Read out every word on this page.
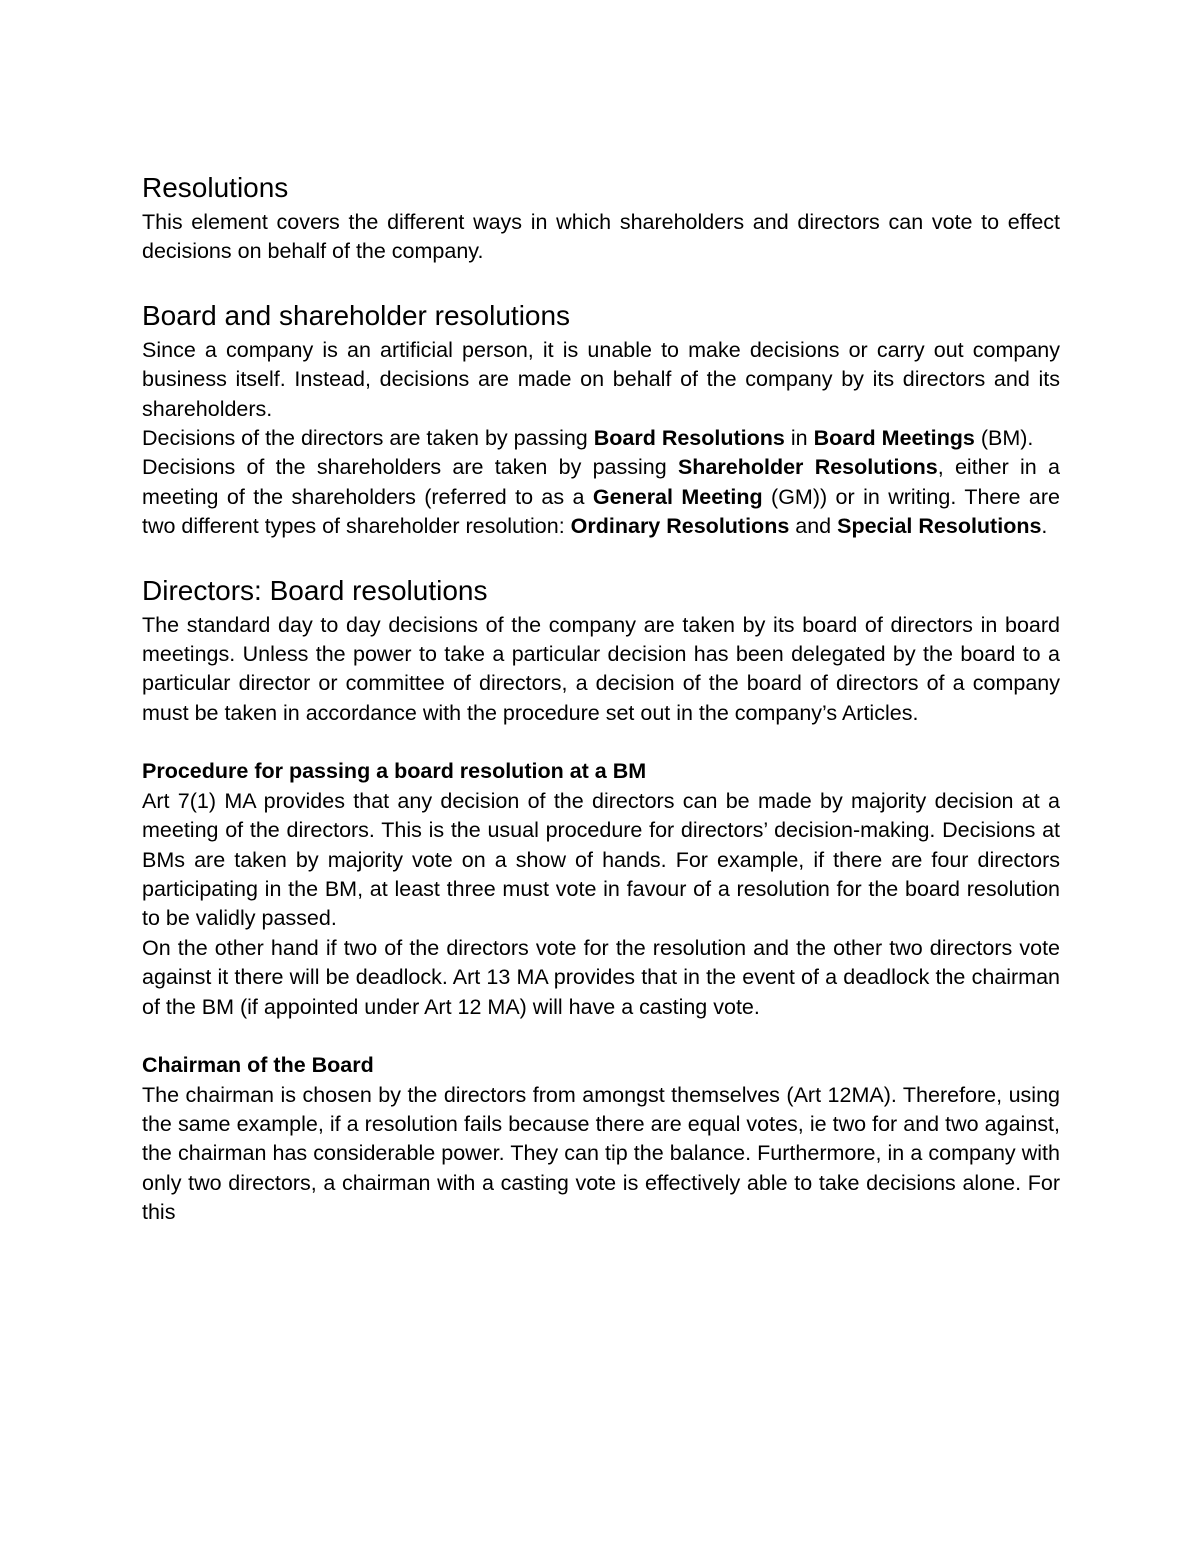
Resolutions

This element covers the different ways in which shareholders and directors can vote to effect decisions on behalf of the company.

Board and shareholder resolutions

Since a company is an artificial person, it is unable to make decisions or carry out company business itself. Instead, decisions are made on behalf of the company by its directors and its shareholders.

Decisions of the directors are taken by passing Board Resolutions in Board Meetings (BM).

Decisions of the shareholders are taken by passing Shareholder Resolutions, either in a meeting of the shareholders (referred to as a General Meeting (GM)) or in writing. There are two different types of shareholder resolution: Ordinary Resolutions and Special Resolutions.

Directors: Board resolutions

The standard day to day decisions of the company are taken by its board of directors in board meetings. Unless the power to take a particular decision has been delegated by the board to a particular director or committee of directors, a decision of the board of directors of a company must be taken in accordance with the procedure set out in the company’s Articles.

Procedure for passing a board resolution at a BM

Art 7(1) MA provides that any decision of the directors can be made by majority decision at a meeting of the directors. This is the usual procedure for directors’ decision-making. Decisions at BMs are taken by majority vote on a show of hands. For example, if there are four directors participating in the BM, at least three must vote in favour of a resolution for the board resolution to be validly passed.

On the other hand if two of the directors vote for the resolution and the other two directors vote against it there will be deadlock. Art 13 MA provides that in the event of a deadlock the chairman of the BM (if appointed under Art 12 MA) will have a casting vote.

Chairman of the Board

The chairman is chosen by the directors from amongst themselves (Art 12MA). Therefore, using the same example, if a resolution fails because there are equal votes, ie two for and two against, the chairman has considerable power. They can tip the balance. Furthermore, in a company with only two directors, a chairman with a casting vote is effectively able to take decisions alone. For this
